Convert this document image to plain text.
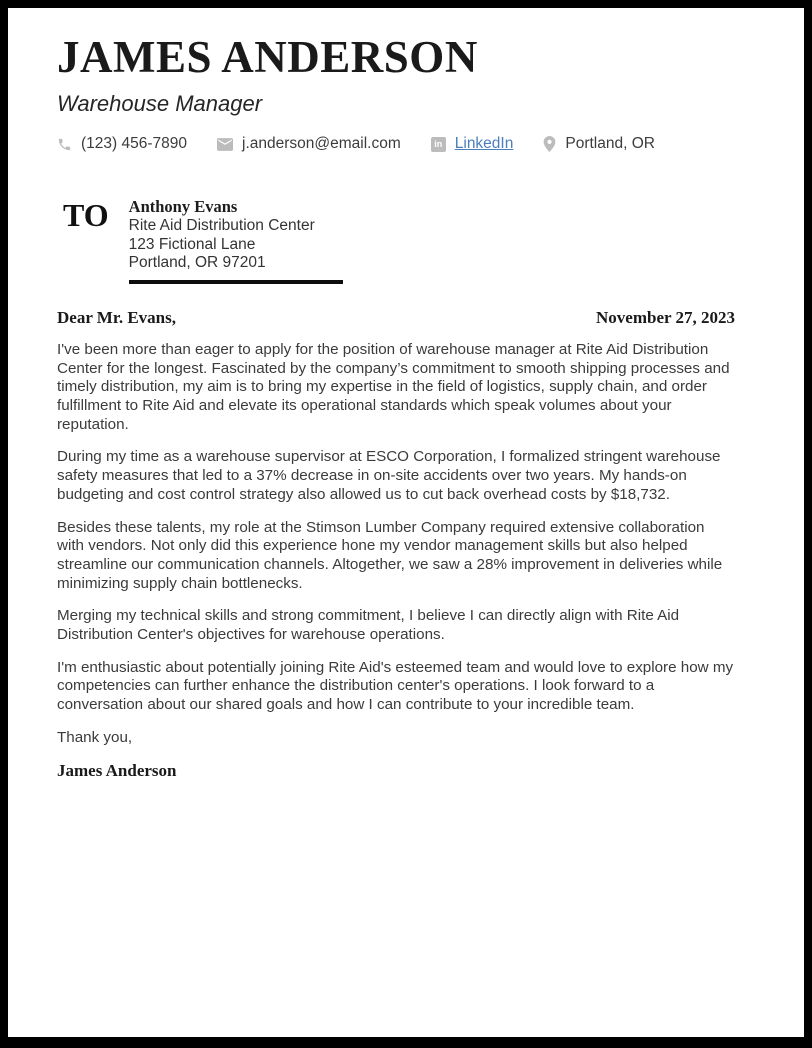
JAMES ANDERSON
Warehouse Manager
(123) 456-7890	j.anderson@email.com	in LinkedIn	Portland, OR
TO Anthony Evans
Rite Aid Distribution Center
123 Fictional Lane
Portland, OR 97201
Dear Mr. Evans,	November 27, 2023

I've been more than eager to apply for the position of warehouse manager at Rite Aid Distribution Center for the longest. Fascinated by the company’s commitment to smooth shipping processes and timely distribution, my aim is to bring my expertise in the field of logistics, supply chain, and order fulfillment to Rite Aid and elevate its operational standards which speak volumes about your reputation.

During my time as a warehouse supervisor at ESCO Corporation, I formalized stringent warehouse safety measures that led to a 37% decrease in on-site accidents over two years. My hands-on budgeting and cost control strategy also allowed us to cut back overhead costs by $18,732.

Besides these talents, my role at the Stimson Lumber Company required extensive collaboration with vendors. Not only did this experience hone my vendor management skills but also helped streamline our communication channels. Altogether, we saw a 28% improvement in deliveries while minimizing supply chain bottlenecks.

Merging my technical skills and strong commitment, I believe I can directly align with Rite Aid Distribution Center's objectives for warehouse operations.

I'm enthusiastic about potentially joining Rite Aid's esteemed team and would love to explore how my competencies can further enhance the distribution center's operations. I look forward to a conversation about our shared goals and how I can contribute to your incredible team.

Thank you,
James Anderson
